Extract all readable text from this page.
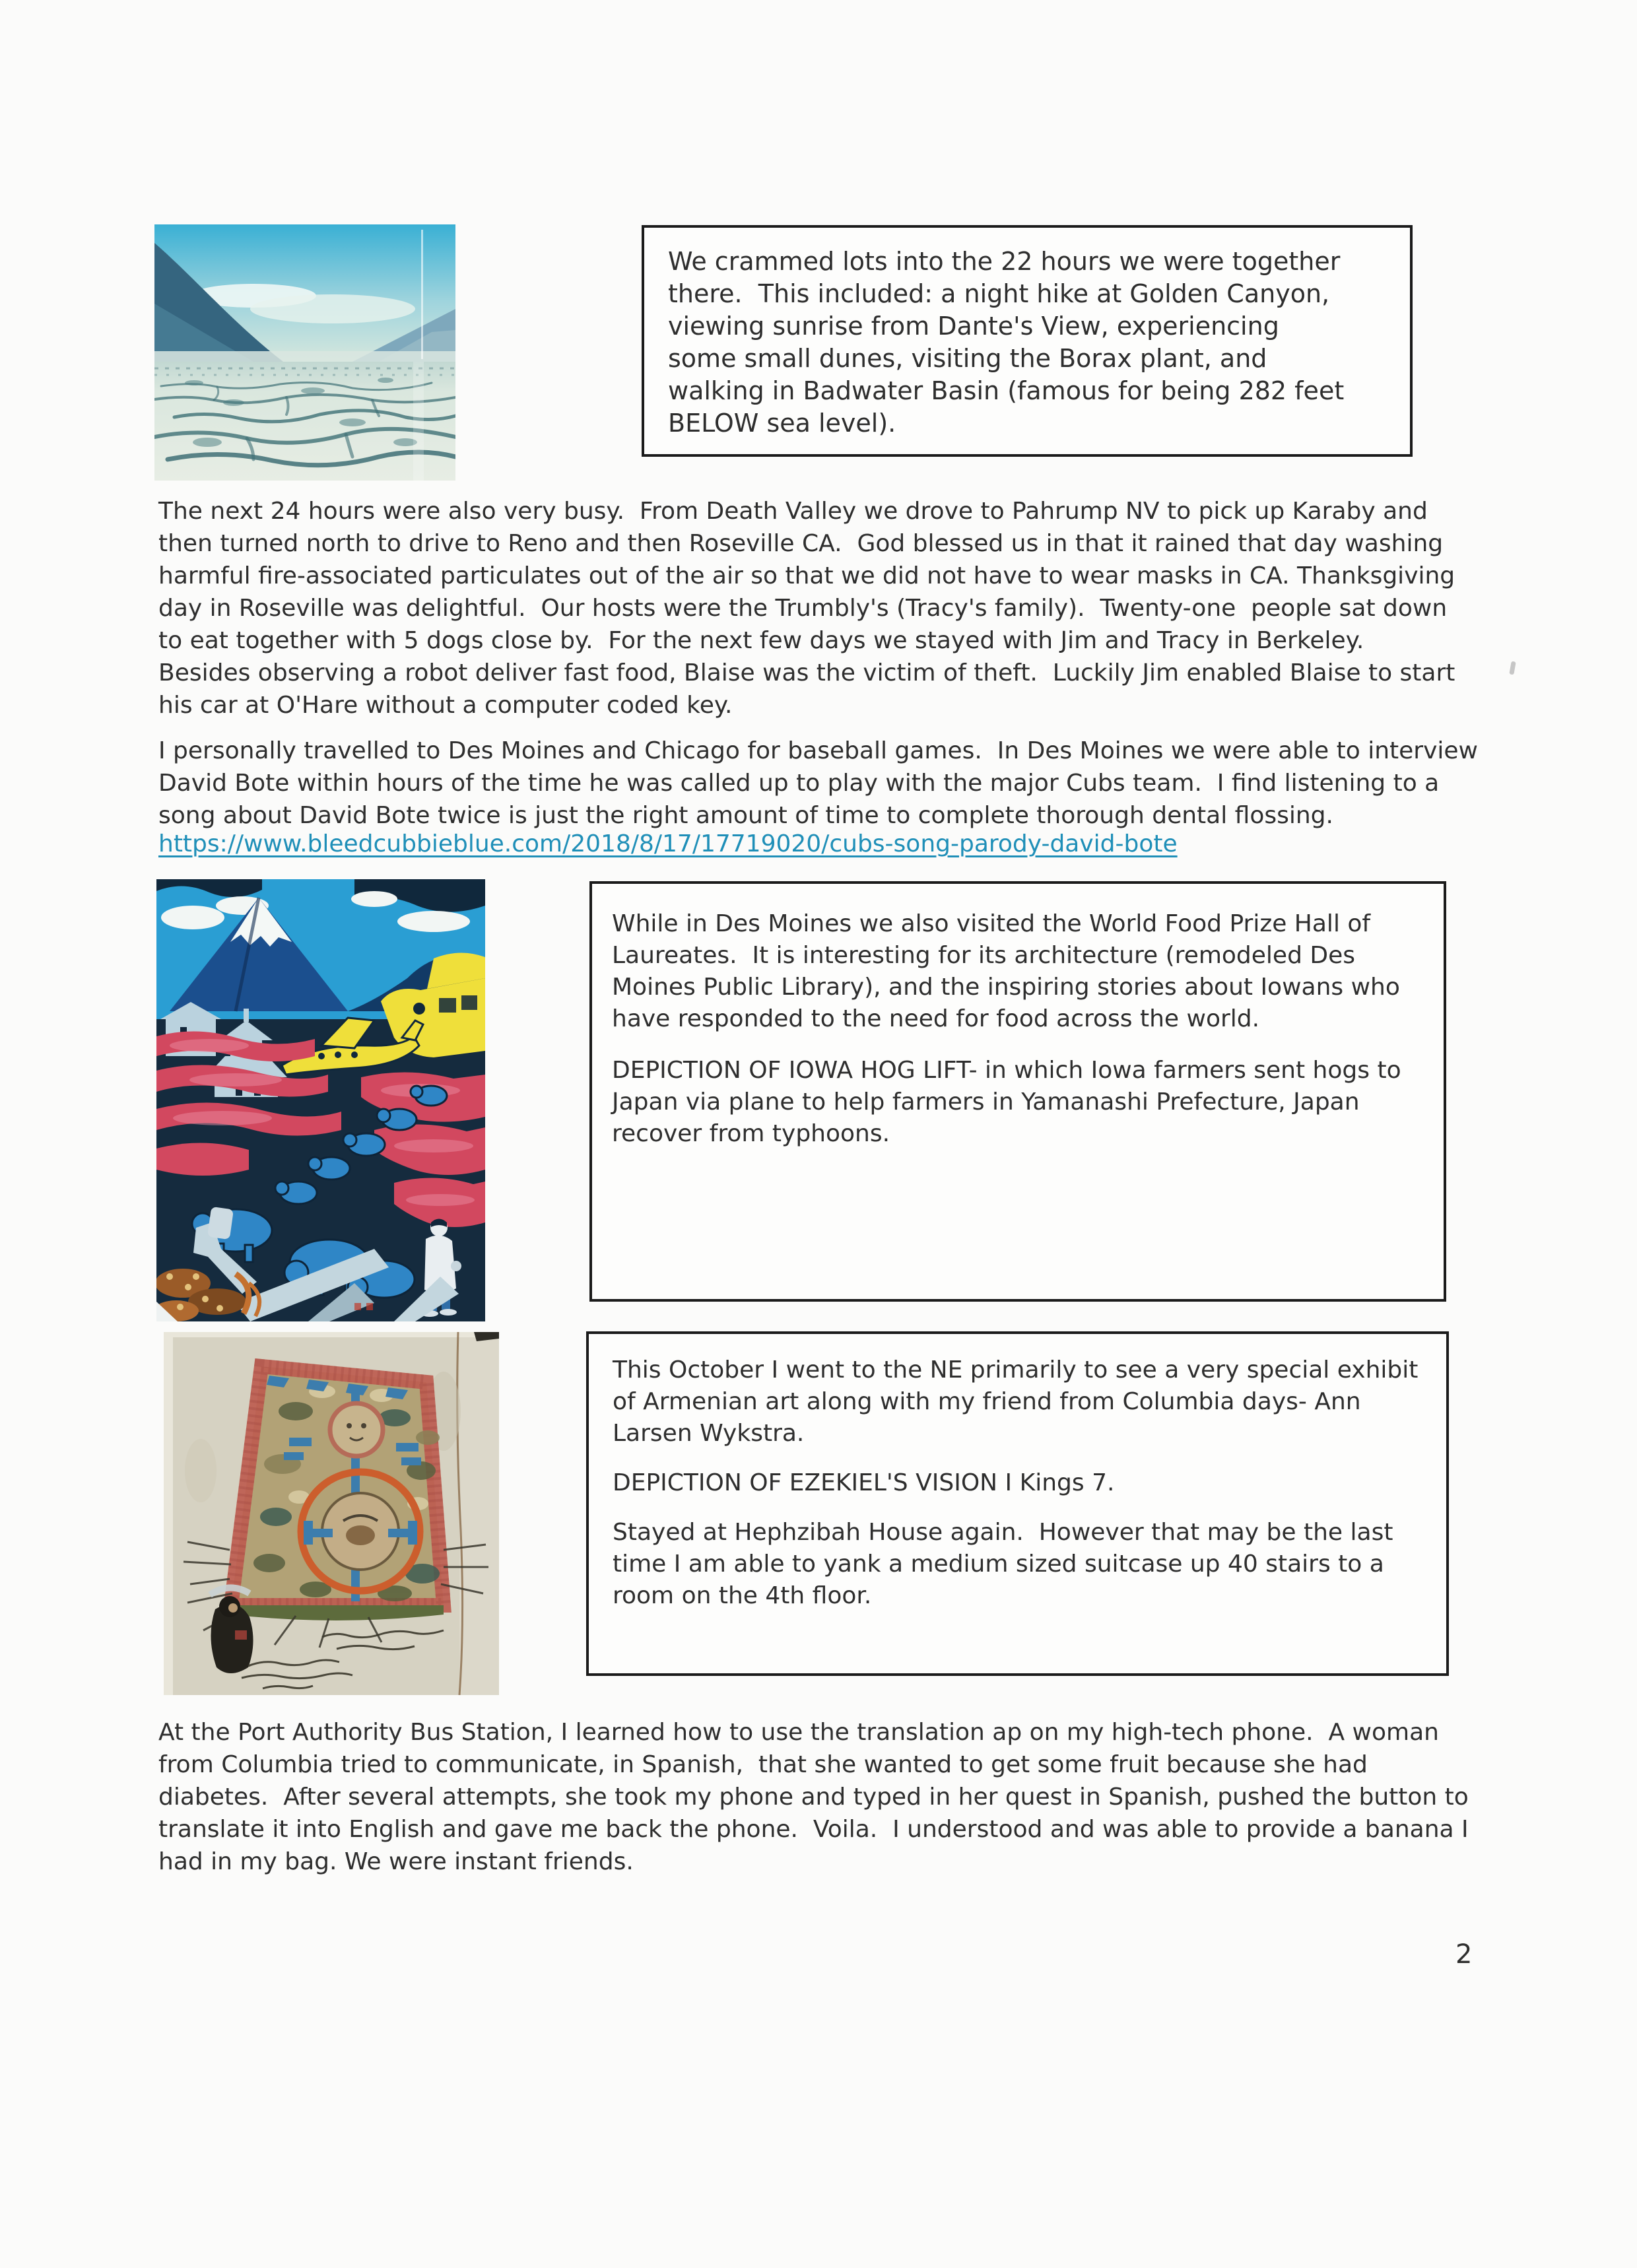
We crammed lots into the 22 hours we were together
there.  This included: a night hike at Golden Canyon,
viewing sunrise from Dante's View, experiencing
some small dunes, visiting the Borax plant, and
walking in Badwater Basin (famous for being 282 feet
BELOW sea level).
The next 24 hours were also very busy.  From Death Valley we drove to Pahrump NV to pick up Karaby and
then turned north to drive to Reno and then Roseville CA.  God blessed us in that it rained that day washing
harmful fire-associated particulates out of the air so that we did not have to wear masks in CA. Thanksgiving
day in Roseville was delightful.  Our hosts were the Trumbly's (Tracy's family).  Twenty-one  people sat down
to eat together with 5 dogs close by.  For the next few days we stayed with Jim and Tracy in Berkeley.
Besides observing a robot deliver fast food, Blaise was the victim of theft.  Luckily Jim enabled Blaise to start
his car at O'Hare without a computer coded key.
I personally travelled to Des Moines and Chicago for baseball games.  In Des Moines we were able to interview
David Bote within hours of the time he was called up to play with the major Cubs team.  I find listening to a
song about David Bote twice is just the right amount of time to complete thorough dental flossing.
https://www.bleedcubbieblue.com/2018/8/17/17719020/cubs-song-parody-david-bote
While in Des Moines we also visited the World Food Prize Hall of
Laureates.  It is interesting for its architecture (remodeled Des
Moines Public Library), and the inspiring stories about Iowans who
have responded to the need for food across the world.
DEPICTION OF IOWA HOG LIFT- in which Iowa farmers sent hogs to
Japan via plane to help farmers in Yamanashi Prefecture, Japan
recover from typhoons.
This October I went to the NE primarily to see a very special exhibit
of Armenian art along with my friend from Columbia days- Ann
Larsen Wykstra.
DEPICTION OF EZEKIEL'S VISION I Kings 7.
Stayed at Hephzibah House again.  However that may be the last
time I am able to yank a medium sized suitcase up 40 stairs to a
room on the 4th floor.
At the Port Authority Bus Station, I learned how to use the translation ap on my high-tech phone.  A woman
from Columbia tried to communicate, in Spanish,  that she wanted to get some fruit because she had
diabetes.  After several attempts, she took my phone and typed in her quest in Spanish, pushed the button to
translate it into English and gave me back the phone.  Voila.  I understood and was able to provide a banana I
had in my bag. We were instant friends.
2
